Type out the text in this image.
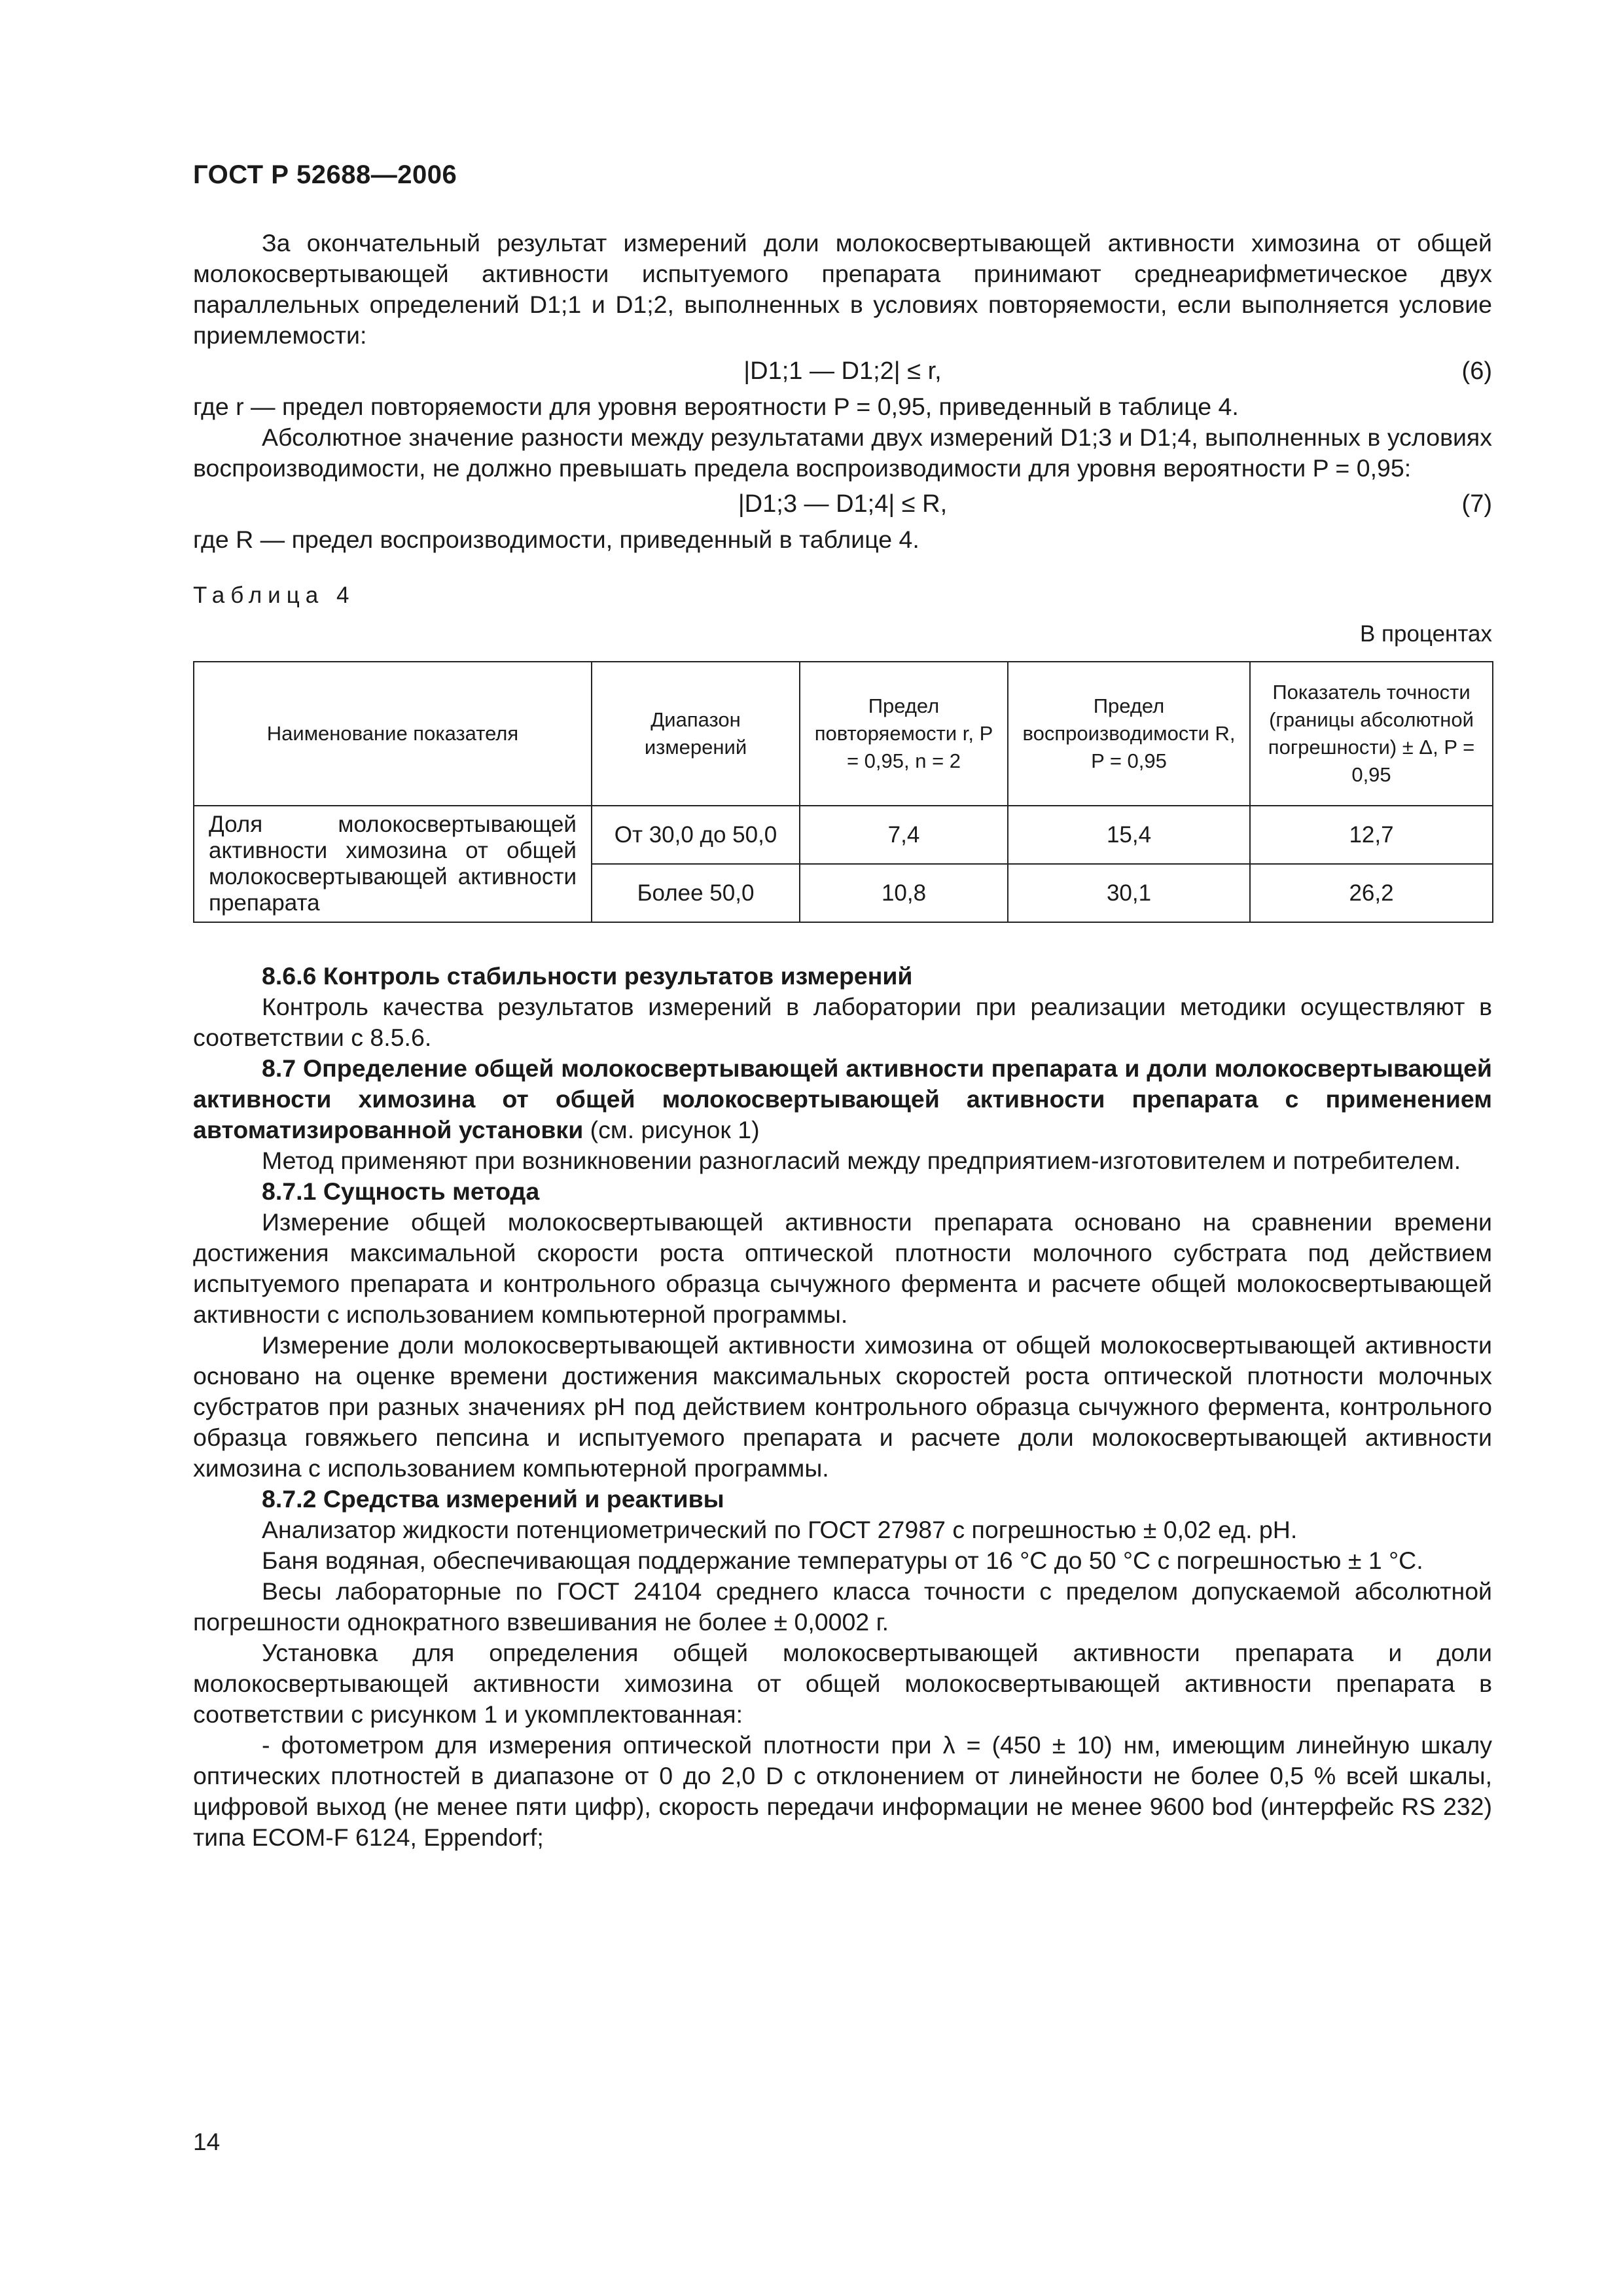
ГОСТ Р 52688—2006

За окончательный результат измерений доли молокосвертывающей активности химозина от общей молокосвертывающей активности испытуемого препарата принимают среднеарифметическое двух параллельных определений D1;1 и D1;2, выполненных в условиях повторяемости, если выполняется условие приемлемости:

|D1;1 — D1;2| ≤ r,	(6)

где r — предел повторяемости для уровня вероятности P = 0,95, приведенный в таблице 4.

Абсолютное значение разности между результатами двух измерений D1;3 и D1;4, выполненных в условиях воспроизводимости, не должно превышать предела воспроизводимости для уровня вероятности P = 0,95:

|D1;3 — D1;4| ≤ R,	(7)

где R — предел воспроизводимости, приведенный в таблице 4.

Таблица 4
В процентах
Наименование показателя	Диапазон измерений	Предел повторяемости r, P = 0,95, n = 2	Предел воспроизводимости R, P = 0,95	Показатель точности (границы абсолютной погрешности) ± Δ, P = 0,95
Доля молокосвертывающей активности химозина от общей молокосвертывающей активности препарата	От 30,0 до 50,0	7,4	15,4	12,7
	Более 50,0	10,8	30,1	26,2

8.6.6 Контроль стабильности результатов измерений

Контроль качества результатов измерений в лаборатории при реализации методики осуществляют в соответствии с 8.5.6.

8.7 Определение общей молокосвертывающей активности препарата и доли молокосвертывающей активности химозина от общей молокосвертывающей активности препарата с применением автоматизированной установки (см. рисунок 1)

Метод применяют при возникновении разногласий между предприятием-изготовителем и потребителем.

8.7.1 Сущность метода

Измерение общей молокосвертывающей активности препарата основано на сравнении времени достижения максимальной скорости роста оптической плотности молочного субстрата под действием испытуемого препарата и контрольного образца сычужного фермента и расчете общей молокосвертывающей активности с использованием компьютерной программы.

Измерение доли молокосвертывающей активности химозина от общей молокосвертывающей активности основано на оценке времени достижения максимальных скоростей роста оптической плотности молочных субстратов при разных значениях pH под действием контрольного образца сычужного фермента, контрольного образца говяжьего пепсина и испытуемого препарата и расчете доли молокосвертывающей активности химозина с использованием компьютерной программы.

8.7.2 Средства измерений и реактивы

Анализатор жидкости потенциометрический по ГОСТ 27987 с погрешностью ± 0,02 ед. pH.

Баня водяная, обеспечивающая поддержание температуры от 16 °С до 50 °С с погрешностью ± 1 °С.

Весы лабораторные по ГОСТ 24104 среднего класса точности с пределом допускаемой абсолютной погрешности однократного взвешивания не более ± 0,0002 г.

Установка для определения общей молокосвертывающей активности препарата и доли молокосвертывающей активности химозина от общей молокосвертывающей активности препарата в соответствии с рисунком 1 и укомплектованная:

- фотометром для измерения оптической плотности при λ = (450 ± 10) нм, имеющим линейную шкалу оптических плотностей в диапазоне от 0 до 2,0 D с отклонением от линейности не более 0,5 % всей шкалы, цифровой выход (не менее пяти цифр), скорость передачи информации не менее 9600 bod (интерфейс RS 232) типа ECOM-F 6124, Eppendorf;

14
